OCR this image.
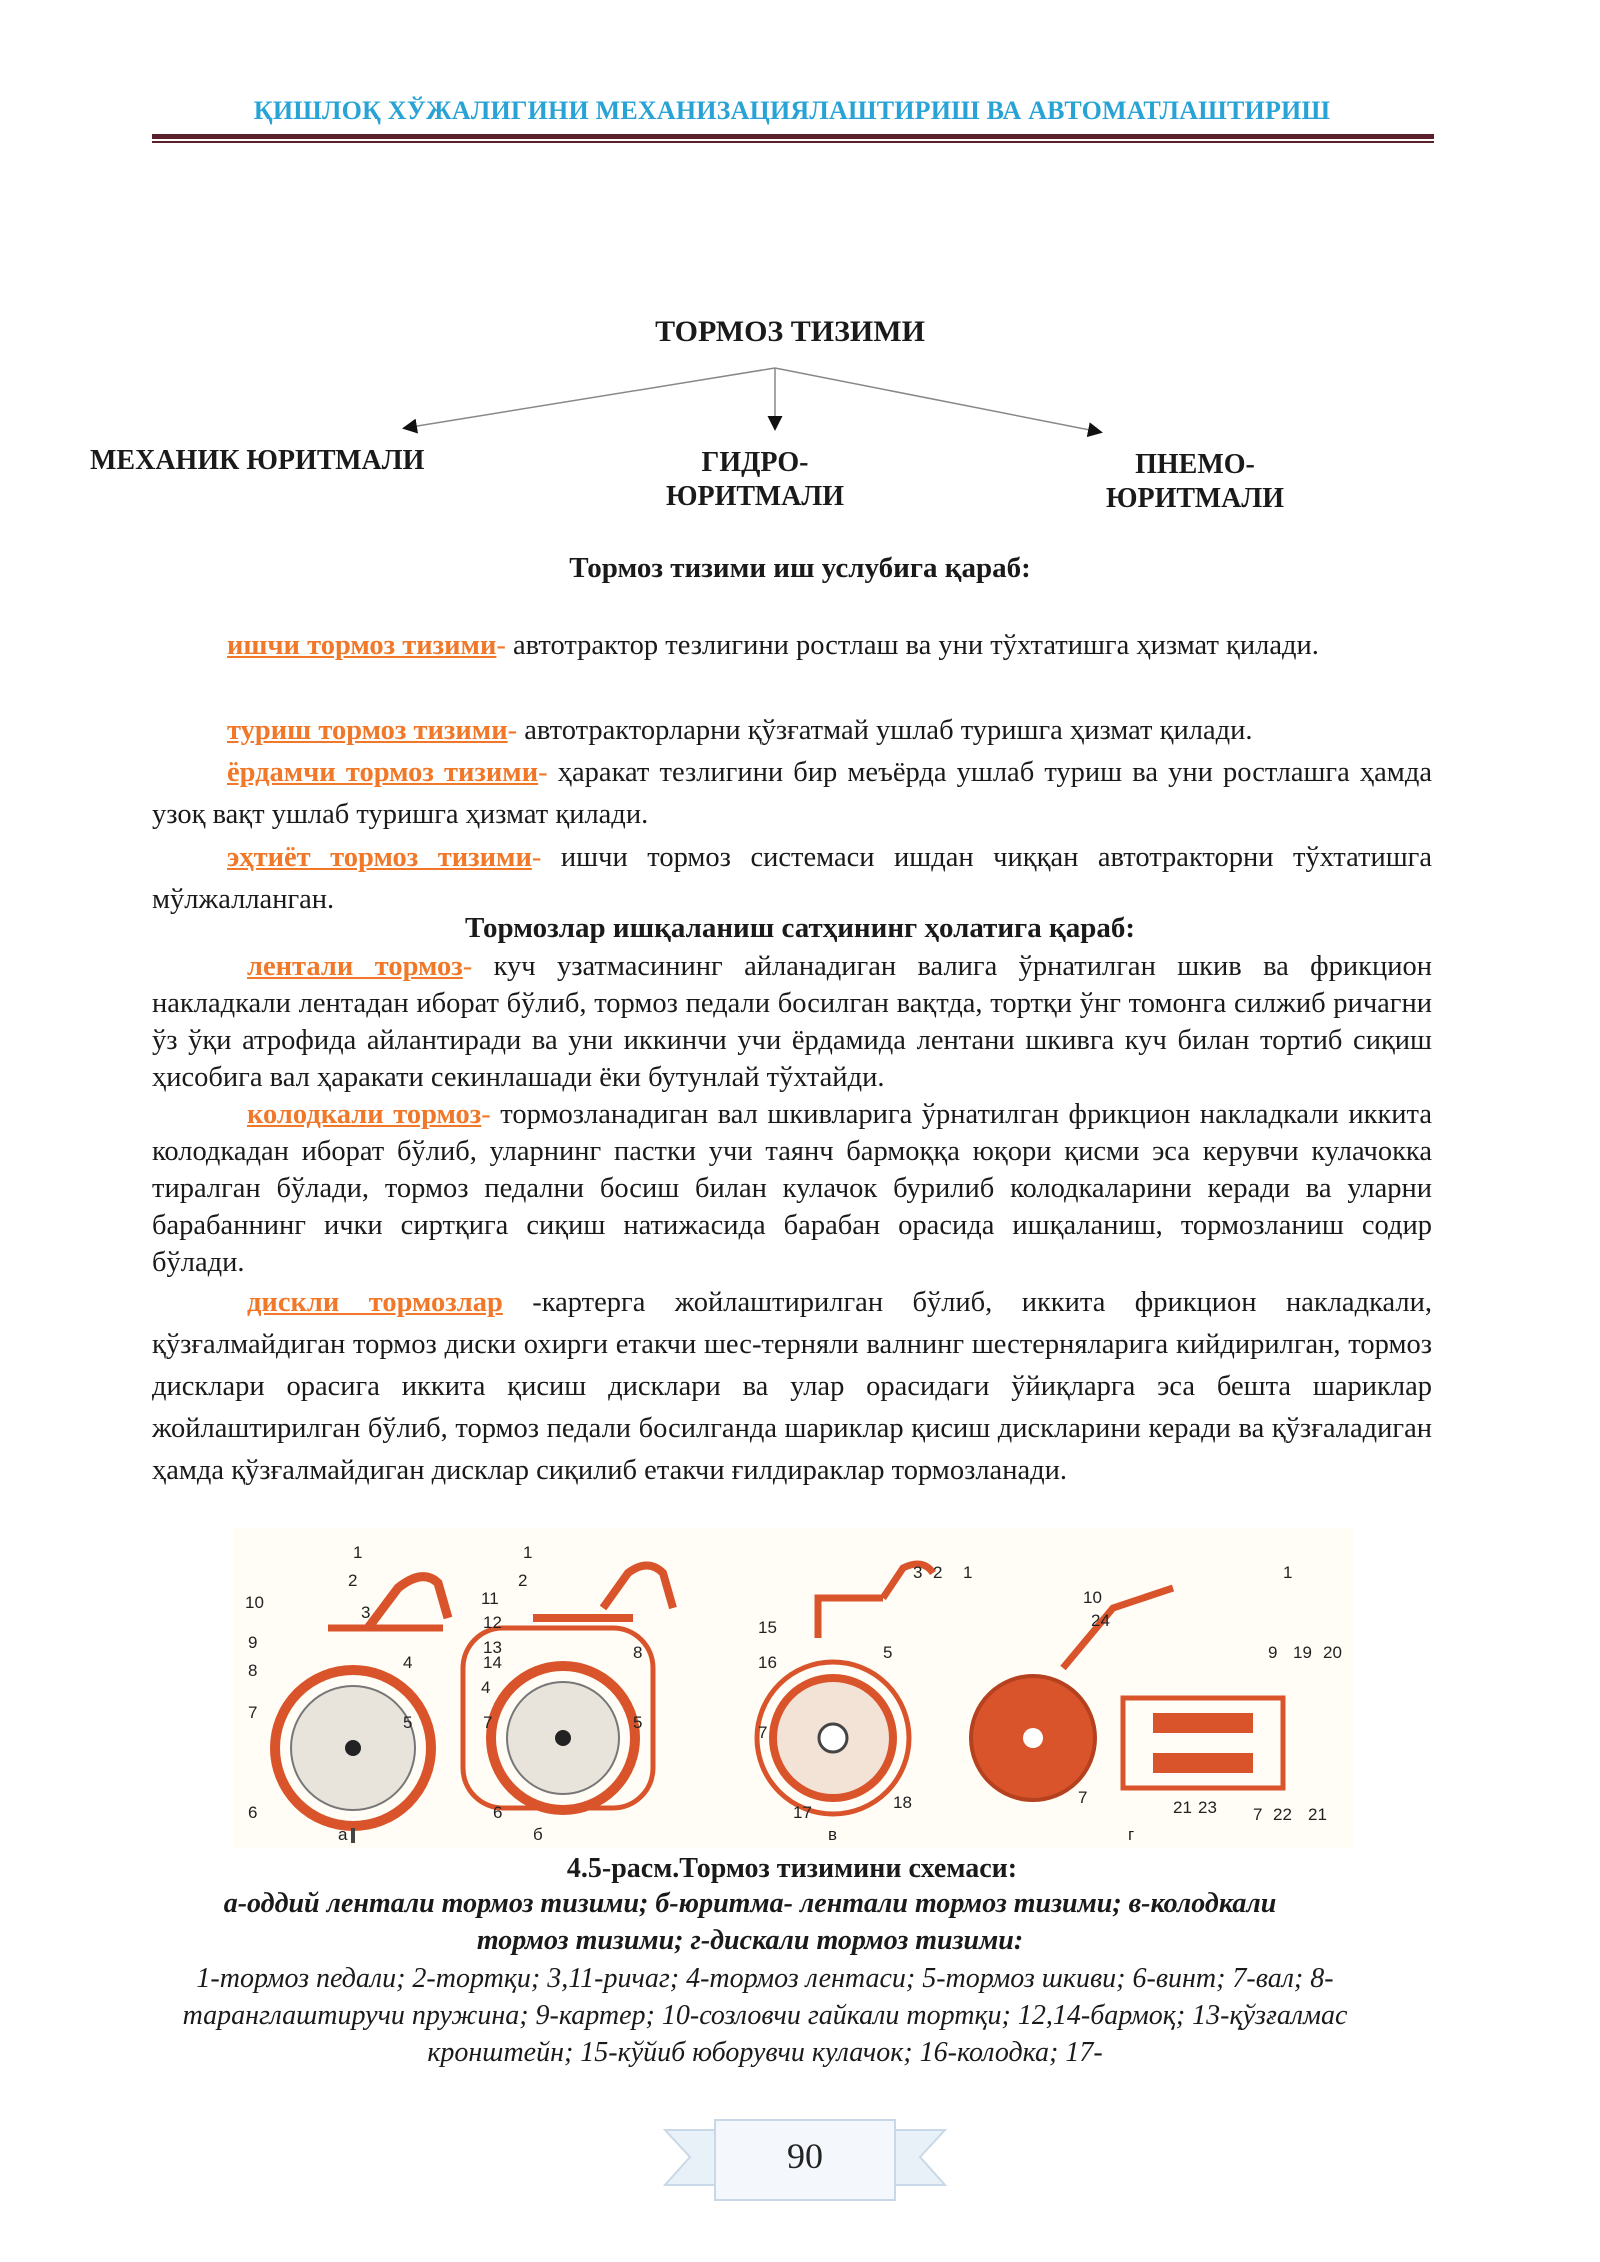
ҚИШЛОҚ ХЎЖАЛИГИНИ МЕХАНИЗАЦИЯЛАШТИРИШ ВА АВТОМАТЛАШТИРИШ
ТОРМОЗ ТИЗИМИ
МЕХАНИК ЮРИТМАЛИ	ГИДРО-ЮРИТМАЛИ
ПНЕМО-ЮРИТМАЛИ
Тормоз тизими иш услубига қараб:
ишчи тормоз тизими- автотрактор тезлигини ростлаш ва уни тўхтатишга ҳизмат қилади.
туриш тормоз тизими- автотракторларни қўзғатмай ушлаб туришга ҳизмат қилади.
ёрдамчи тормоз тизими- ҳаракат тезлигини бир меъёрда ушлаб туриш ва уни ростлашга ҳамда узоқ вақт ушлаб туришга ҳизмат қилади.
эҳтиёт тормоз тизими- ишчи тормоз системаси ишдан чиққан автотракторни тўхтатишга мўлжалланган.
Тормозлар ишқаланиш сатҳининг ҳолатига қараб:
лентали тормоз- куч узатмасининг айланадиган валига ўрнатилган шкив ва фрикцион накладкали лентадан иборат бўлиб, тормоз педали босилган вақтда, тортқи ўнг томонга силжиб ричагни ўз ўқи атрофида айлантиради ва уни иккинчи учи ёрдамида лентани шкивга куч билан тортиб сиқиш ҳисобига вал ҳаракати секинлашади ёки бутунлай тўхтайди.
колодкали тормоз- тормозланадиган вал шкивларига ўрнатилган фрикцион накладкали иккита колодкадан иборат бўлиб, уларнинг пастки учи таянч бармоққа юқори қисми эса керувчи кулачокка тиралган бўлади, тормоз педални босиш билан кулачок бурилиб колодкаларини керади ва уларни барабаннинг ички сиртқига сиқиш натижасида барабан орасида ишқаланиш, тормозланиш содир бўлади.
дискли тормозлар -картерга жойлаштирилган бўлиб, иккита фрикцион накладкали, қўзғалмайдиган тормоз диски охирги етакчи шес-терняли валнинг шестерняларига кийдирилган, тормоз дисклари орасига иккита қисиш дисклари ва улар орасидаги ўйиқларга эса бешта шариклар жойлаштирилган бўлиб, тормоз педали босилганда шариклар қисиш дискларини керади ва қўзғаладиган ҳамда қўзғалмайдиган дисклар сиқилиб етакчи ғилдираклар тормозланади.
а	б	в	г
1
2
3
10
9
8
7
4
5
6
1
2
11
12
13
14
4
7
6
8
5
3 2 1
15
16
7
5
17
18
1
10
24
9 19 20
7
21 23 7 22 21
4.5-расм.Тормоз тизимини схемаси:
а-оддий лентали тормоз тизими; б-юритма- лентали тормоз тизими; в-колодкали тормоз тизими; г-дискали тормоз тизими:
1-тормоз педали; 2-тортқи; 3,11-ричаг; 4-тормоз лентаси; 5-тормоз шкиви; 6-винт; 7-вал; 8-таранглаштиручи пружина; 9-картер; 10-созловчи гайкали тортқи; 12,14-бармоқ; 13-қўзғалмас кронштейн; 15-кўйиб юборувчи кулачок; 16-колодка; 17-
90
